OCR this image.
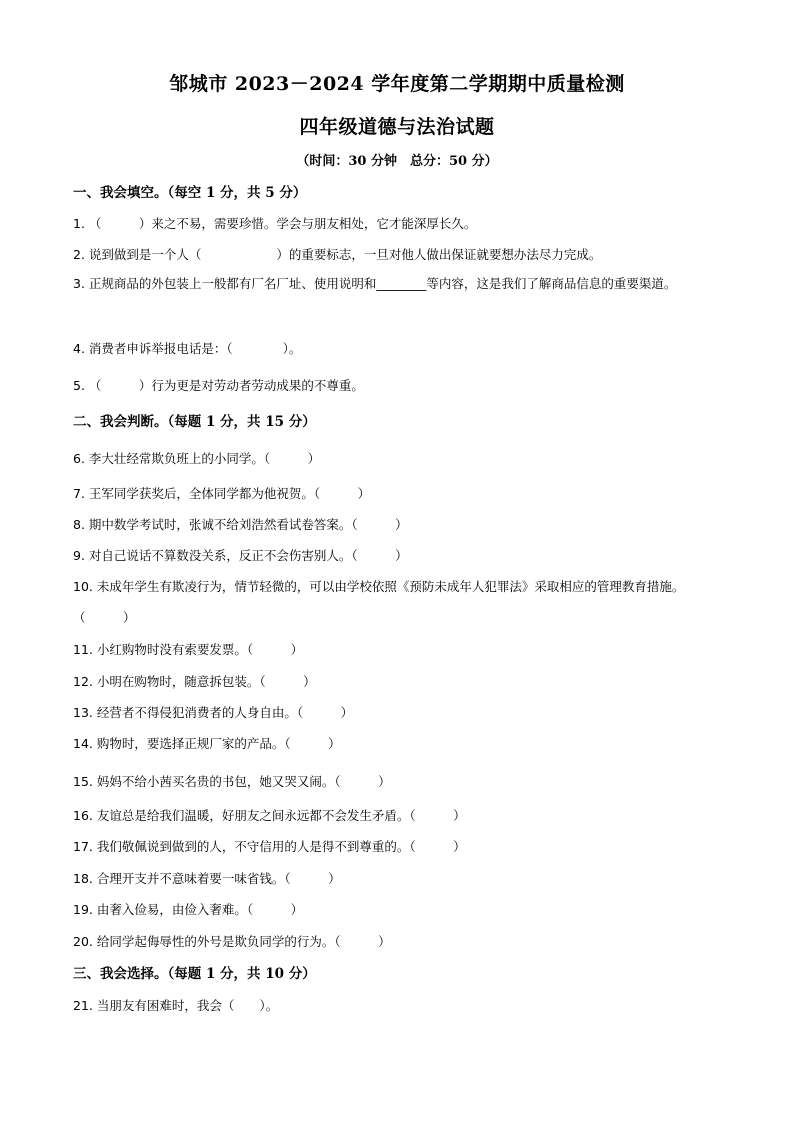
邹城市 2023－2024 学年度第二学期期中质量检测
四年级道德与法治试题
（时间：30 分钟　总分：50 分）
一、我会填空。（每空 1 分，共 5 分）
1. （　　　）来之不易，需要珍惜。学会与朋友相处，它才能深厚长久。
2. 说到做到是一个人（　　　　　　）的重要标志，一旦对他人做出保证就要想办法尽力完成。
3. 正规商品的外包装上一般都有厂名厂址、使用说明和________等内容，这是我们了解商品信息的重要渠道。
4. 消费者申诉举报电话是：（　　　　）。
5. （　　　）行为更是对劳动者劳动成果的不尊重。
二、我会判断。（每题 1 分，共 15 分）
6. 李大壮经常欺负班上的小同学。（　　　）
7. 王军同学获奖后，全体同学都为他祝贺。（　　　）
8. 期中数学考试时，张诚不给刘浩然看试卷答案。（　　　）
9. 对自己说话不算数没关系，反正不会伤害别人。（　　　）
10. 未成年学生有欺凌行为，情节轻微的，可以由学校依照《预防未成年人犯罪法》采取相应的管理教育措施。（　　　）
11. 小红购物时没有索要发票。（　　　）
12. 小明在购物时，随意拆包装。（　　　）
13. 经营者不得侵犯消费者的人身自由。（　　　）
14. 购物时，要选择正规厂家的产品。（　　　）
15. 妈妈不给小茜买名贵的书包，她又哭又闹。（　　　）
16. 友谊总是给我们温暖，好朋友之间永远都不会发生矛盾。（　　　）
17. 我们敬佩说到做到的人，不守信用的人是得不到尊重的。（　　　）
18. 合理开支并不意味着要一味省钱。（　　　）
19. 由奢入俭易，由俭入奢难。（　　　）
20. 给同学起侮辱性的外号是欺负同学的行为。（　　　）
三、我会选择。（每题 1 分，共 10 分）
21. 当朋友有困难时，我会（　　）。
